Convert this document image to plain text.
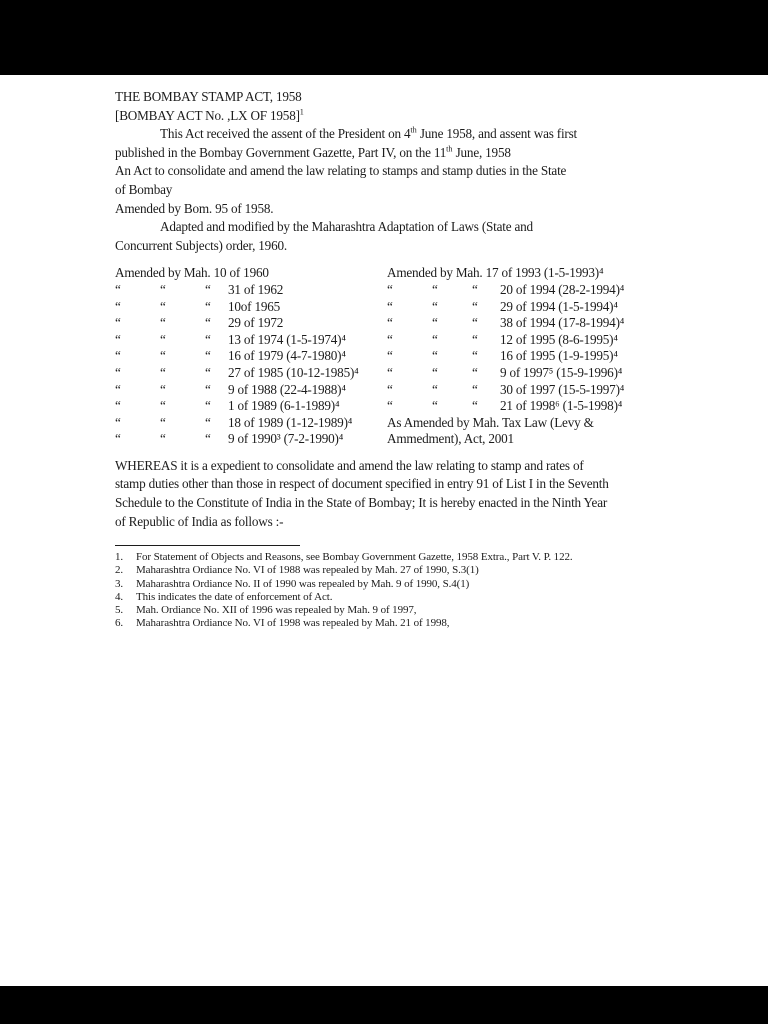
THE BOMBAY STAMP ACT, 1958
[BOMBAY ACT No. ,LX OF 1958]$^1$
This Act received the assent of the President on 4th June 1958, and assent was first
published in the Bombay Government Gazette, Part IV, on the 11th June, 1958
An Act to consolidate and amend the law relating to stamps and stamp duties in the State
of Bombay
Amended by Bom. 95 of 1958.
Adapted and modified by the Maharashtra Adaptation of Laws (State and
Concurrent Subjects) order, 1960.
Amended by Mah. 10 of 1960	Amended by Mah. 17 of 1993 (1-5-1993)⁴
“	“	“ 31 of 1962	“	“	“ 20 of 1994 (28-2-1994)⁴
“	“	“ 10of 1965	“	“	“ 29 of 1994 (1-5-1994)⁴
“	“	“ 29 of 1972	“	“	“ 38 of 1994 (17-8-1994)⁴
“	“	“ 13 of 1974 (1-5-1974)⁴	“	“	“ 12 of 1995 (8-6-1995)⁴
“	“	“ 16 of 1979 (4-7-1980)⁴	“	“	“ 16 of 1995 (1-9-1995)⁴
“	“	“ 27 of 1985 (10-12-1985)⁴ “	“	“ 9 of 1997⁵ (15-9-1996)⁴
“	“	“ 9 of 1988 (22-4-1988)⁴	“	“	“ 30 of 1997 (15-5-1997)⁴
“	“	“ 1 of 1989 (6-1-1989)⁴	“	“	“ 21 of 1998⁶ (1-5-1998)⁴
“	“	“ 18 of 1989 (1-12-1989)⁴	As Amended by Mah. Tax Law (Levy &
“	“	“ 9 of 1990³ (7-2-1990)⁴	Ammedment), Act, 2001
WHEREAS it is a expedient to consolidate and amend the law relating to stamp and rates of
stamp duties other than those in respect of document specified in entry 91 of List I in the Seventh
Schedule to the Constitute of India in the State of Bombay; It is hereby enacted in the Ninth Year
of Republic of India as follows :-
1.	For Statement of Objects and Reasons, see Bombay Government Gazette, 1958 Extra., Part V. P. 122.
2.	Maharashtra Ordiance No. VI of 1988 was repealed by Mah. 27 of 1990, S.3(1)
3.	Maharashtra Ordiance No. II of 1990 was repealed by Mah. 9 of 1990, S.4(1)
4.	This indicates the date of enforcement of Act.
5.	Mah. Ordiance No. XII of 1996 was repealed by Mah. 9 of 1997,
6.	Maharashtra Ordiance No. VI of 1998 was repealed by Mah. 21 of 1998,
